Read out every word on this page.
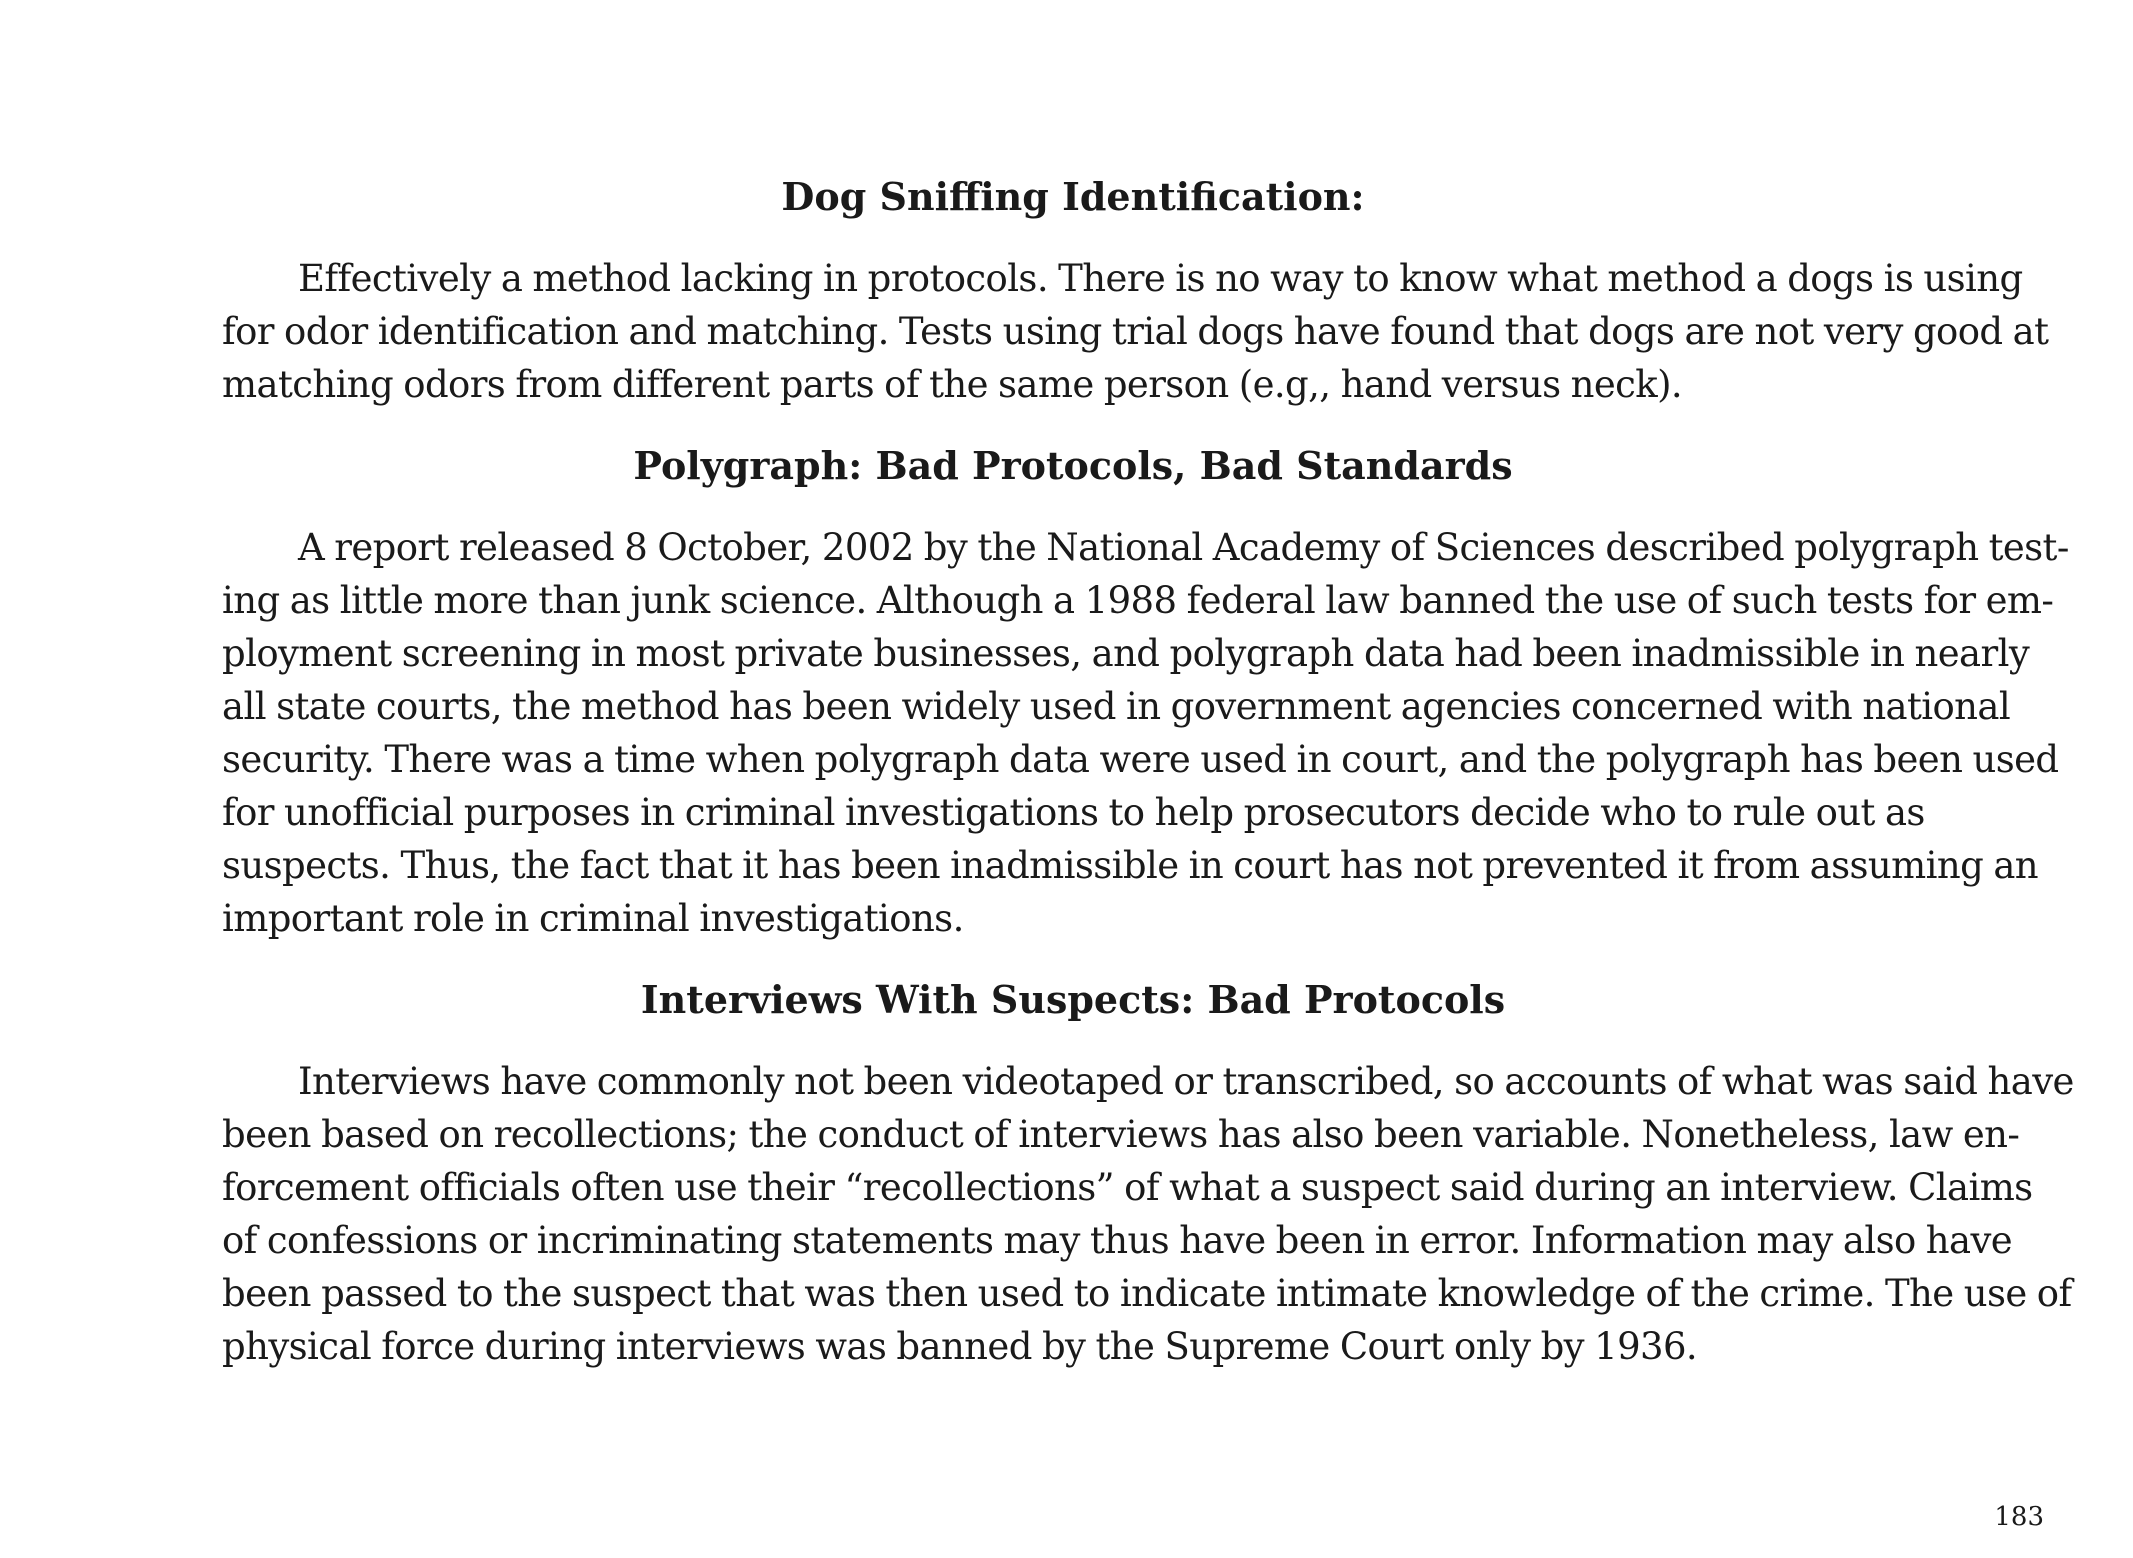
Dog Sniffing Identification:
Effectively a method lacking in protocols. There is no way to know what method a dogs is using
for odor identification and matching. Tests using trial dogs have found that dogs are not very good at
matching odors from different parts of the same person (e.g,, hand versus neck).
Polygraph: Bad Protocols, Bad Standards
A report released 8 October, 2002 by the National Academy of Sciences described polygraph test-
ing as little more than junk science. Although a 1988 federal law banned the use of such tests for em-
ployment screening in most private businesses, and polygraph data had been inadmissible in nearly
all state courts, the method has been widely used in government agencies concerned with national
security. There was a time when polygraph data were used in court, and the polygraph has been used
for unofficial purposes in criminal investigations to help prosecutors decide who to rule out as
suspects. Thus, the fact that it has been inadmissible in court has not prevented it from assuming an
important role in criminal investigations.
Interviews With Suspects: Bad Protocols
Interviews have commonly not been videotaped or transcribed, so accounts of what was said have
been based on recollections; the conduct of interviews has also been variable. Nonetheless, law en-
forcement officials often use their “recollections” of what a suspect said during an interview. Claims
of confessions or incriminating statements may thus have been in error. Information may also have
been passed to the suspect that was then used to indicate intimate knowledge of the crime. The use of
physical force during interviews was banned by the Supreme Court only by 1936.
183
